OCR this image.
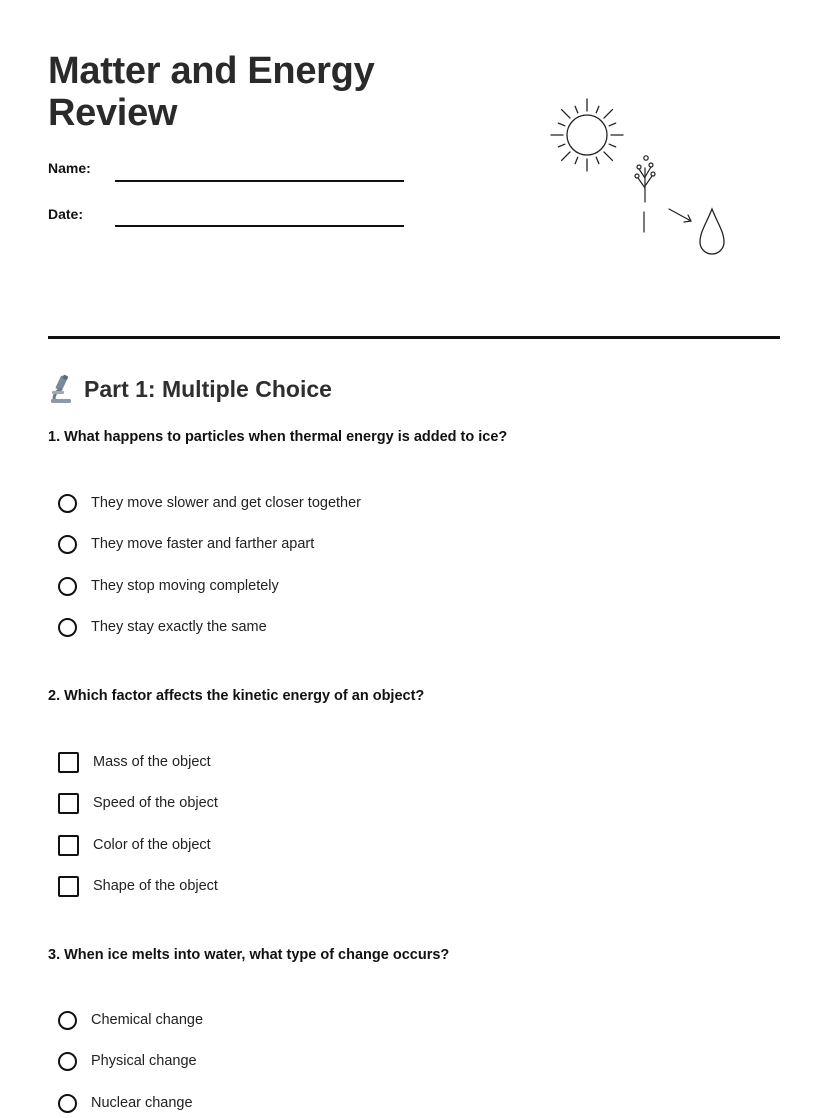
Matter and Energy
Review
Name:
Date:
Part 1: Multiple Choice
1. What happens to particles when thermal energy is added to ice?
They move slower and get closer together
They move faster and farther apart
They stop moving completely
They stay exactly the same
2. Which factor affects the kinetic energy of an object?
Mass of the object
Speed of the object
Color of the object
Shape of the object
3. When ice melts into water, what type of change occurs?
Chemical change
Physical change
Nuclear change
